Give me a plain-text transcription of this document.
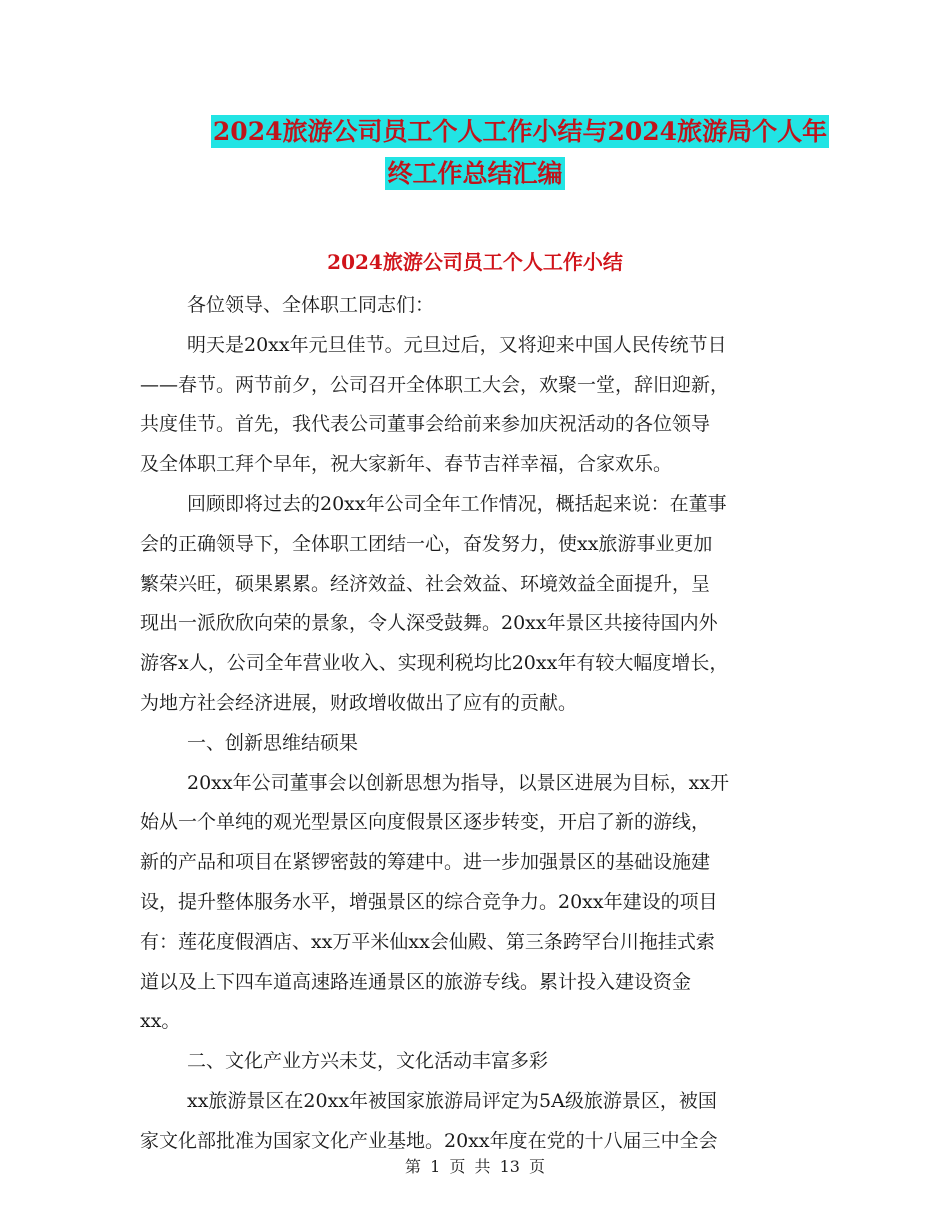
2024旅游公司员工个人工作小结与2024旅游局个人年
终工作总结汇编
2024旅游公司员工个人工作小结
各位领导、全体职工同志们：
明天是20xx年元旦佳节。元旦过后，又将迎来中国人民传统节日
——春节。两节前夕，公司召开全体职工大会，欢聚一堂，辞旧迎新，
共度佳节。首先，我代表公司董事会给前来参加庆祝活动的各位领导
及全体职工拜个早年，祝大家新年、春节吉祥幸福，合家欢乐。
回顾即将过去的20xx年公司全年工作情况，概括起来说：在董事
会的正确领导下，全体职工团结一心，奋发努力，使xx旅游事业更加
繁荣兴旺，硕果累累。经济效益、社会效益、环境效益全面提升，呈
现出一派欣欣向荣的景象，令人深受鼓舞。20xx年景区共接待国内外
游客x人，公司全年营业收入、实现利税均比20xx年有较大幅度增长，
为地方社会经济进展，财政增收做出了应有的贡献。
一、创新思维结硕果
20xx年公司董事会以创新思想为指导，以景区进展为目标，xx开
始从一个单纯的观光型景区向度假景区逐步转变，开启了新的游线，
新的产品和项目在紧锣密鼓的筹建中。进一步加强景区的基础设施建
设，提升整体服务水平，增强景区的综合竞争力。20xx年建设的项目
有：莲花度假酒店、xx万平米仙xx会仙殿、第三条跨罕台川拖挂式索
道以及上下四车道高速路连通景区的旅游专线。累计投入建设资金
xx。
二、文化产业方兴未艾，文化活动丰富多彩
xx旅游景区在20xx年被国家旅游局评定为5A级旅游景区，被国
家文化部批准为国家文化产业基地。20xx年度在党的十八届三中全会
第 1 页 共 13 页
